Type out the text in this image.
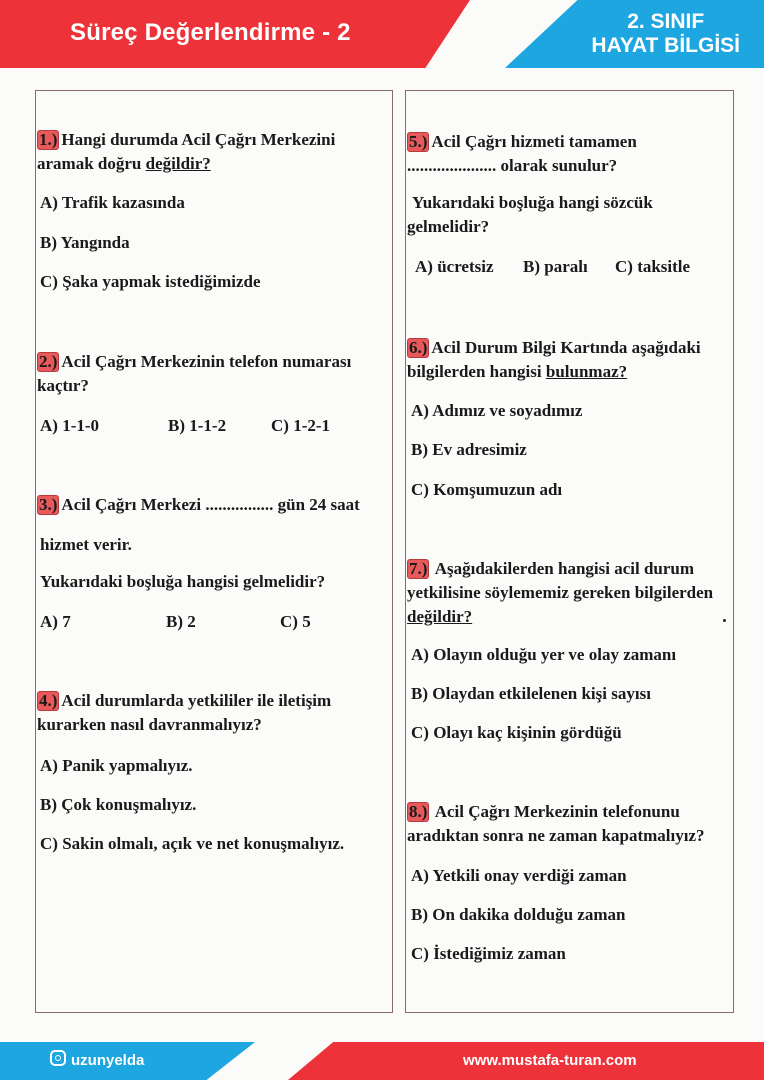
Süreç Değerlendirme - 2	2. SINIF
HAYAT BİLGİSİ
1.) Hangi durumda Acil Çağrı Merkezini
aramak doğru değildir?
A) Trafik kazasında
B) Yangında
C) Şaka yapmak istediğimizde
2.) Acil Çağrı Merkezinin telefon numarası
kaçtır?
A) 1-1-0	B) 1-1-2	C) 1-2-1
3.) Acil Çağrı Merkezi ................ gün 24 saat
hizmet verir.
Yukarıdaki boşluğa hangisi gelmelidir?
A) 7	B) 2	C) 5
4.) Acil durumlarda yetkililer ile iletişim
kurarken nasıl davranmalıyız?
A) Panik yapmalıyız.
B) Çok konuşmalıyız.
C) Sakin olmalı, açık ve net konuşmalıyız.
5.) Acil Çağrı hizmeti tamamen
..................... olarak sunulur?
Yukarıdaki boşluğa hangi sözcük
gelmelidir?
A) ücretsiz B) paralı C) taksitle
6.) Acil Durum Bilgi Kartında aşağıdaki
bilgilerden hangisi bulunmaz?
A) Adımız ve soyadımız
B) Ev adresimiz
C) Komşumuzun adı
7.) Aşağıdakilerden hangisi acil durum
yetkilisine söylememiz gereken bilgilerden
değildir?
A) Olayın olduğu yer ve olay zamanı
B) Olaydan etkilelenen kişi sayısı
C) Olayı kaç kişinin gördüğü
8.) Acil Çağrı Merkezinin telefonunu
aradıktan sonra ne zaman kapatmalıyız?
A) Yetkili onay verdiği zaman
B) On dakika dolduğu zaman
C) İstediğimiz zaman
uzunyelda	www.mustafa-turan.com
